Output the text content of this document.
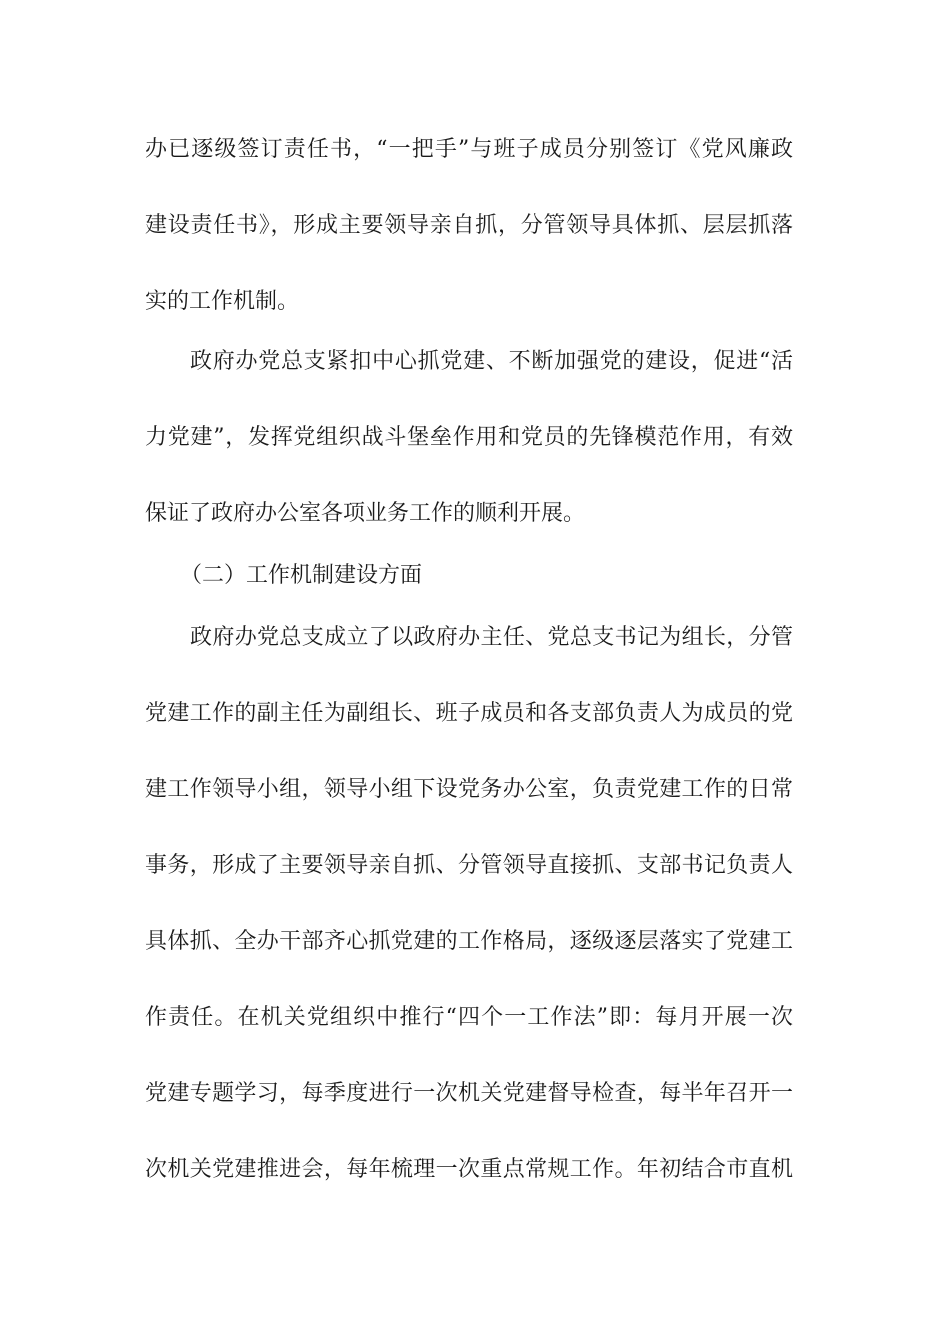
办已逐级签订责任书，“一把手”与班子成员分别签订《党风廉政
建设责任书》，形成主要领导亲自抓，分管领导具体抓、层层抓落
实的工作机制。
政府办党总支紧扣中心抓党建、不断加强党的建设，促进“活
力党建”，发挥党组织战斗堡垒作用和党员的先锋模范作用，有效
保证了政府办公室各项业务工作的顺利开展。
（二）工作机制建设方面
政府办党总支成立了以政府办主任、党总支书记为组长，分管
党建工作的副主任为副组长、班子成员和各支部负责人为成员的党
建工作领导小组，领导小组下设党务办公室，负责党建工作的日常
事务，形成了主要领导亲自抓、分管领导直接抓、支部书记负责人
具体抓、全办干部齐心抓党建的工作格局，逐级逐层落实了党建工
作责任。在机关党组织中推行“四个一工作法”即：每月开展一次
党建专题学习，每季度进行一次机关党建督导检查，每半年召开一
次机关党建推进会，每年梳理一次重点常规工作。年初结合市直机
